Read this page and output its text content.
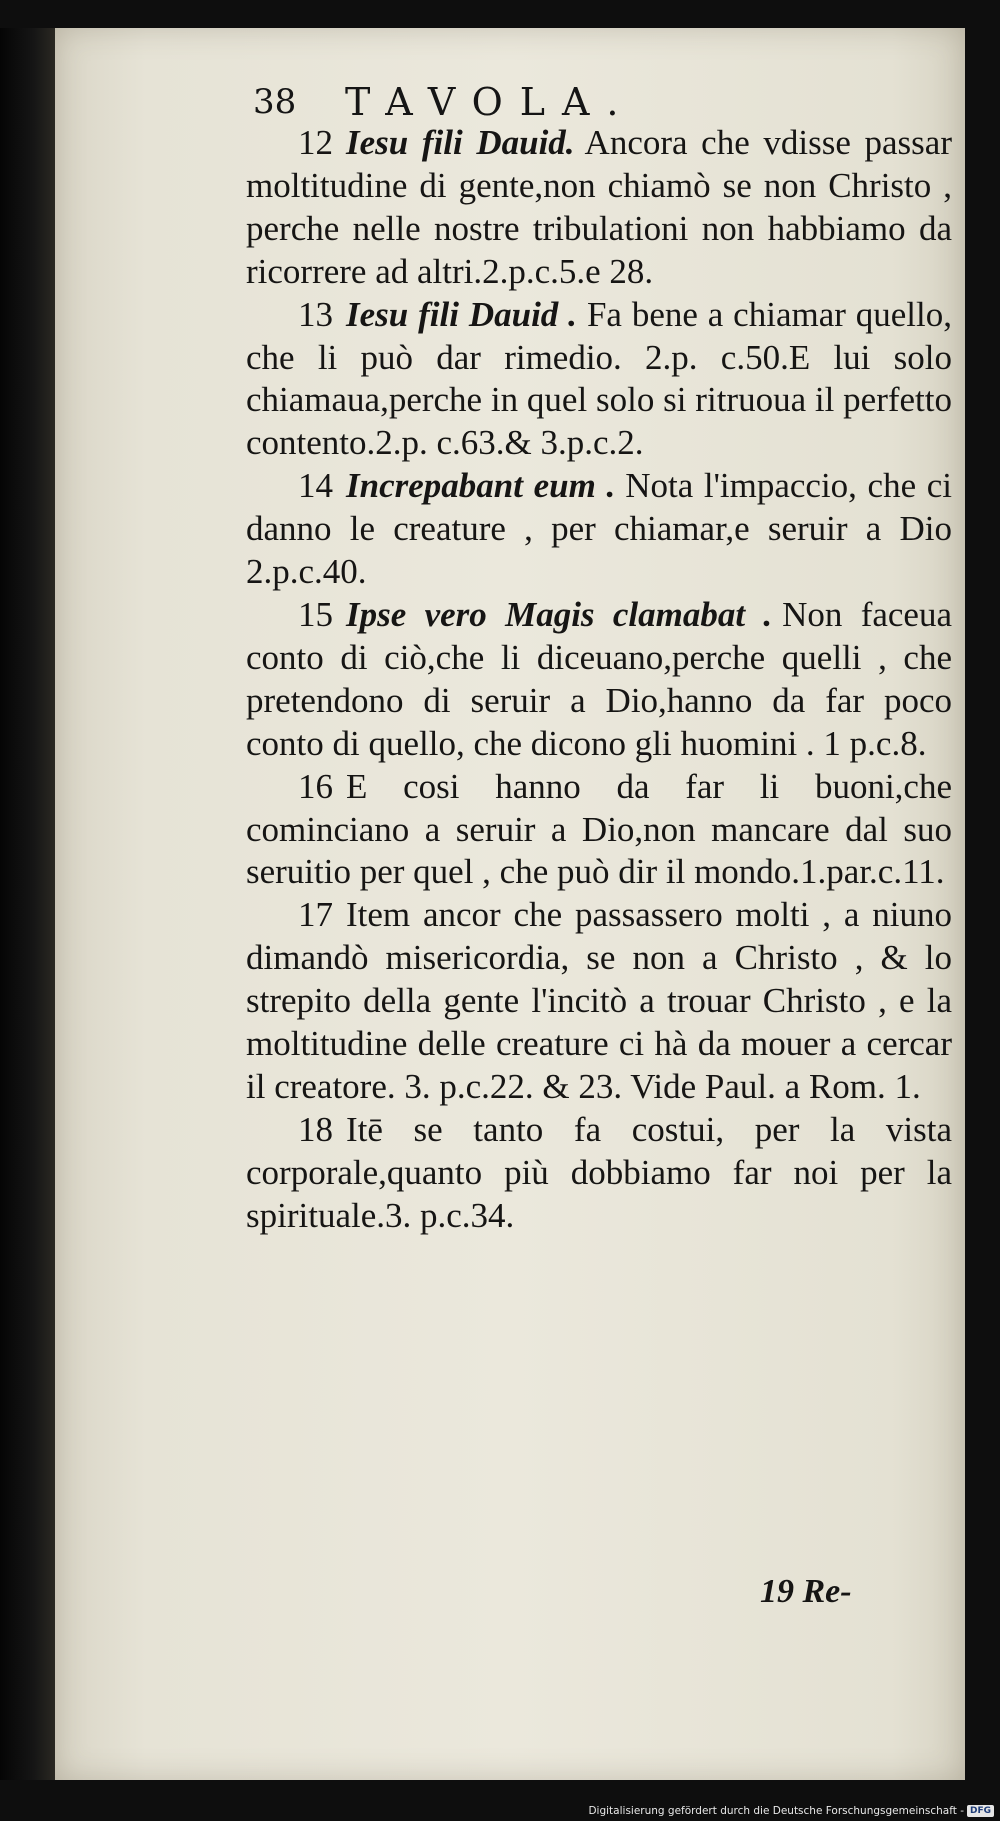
38 TAVOLA.

12 Iesu fili Dauid. Ancora che vdisse passar moltitudine di gente,non chiamò se non Christo , perche nelle nostre tribulationi non habbiamo da ricorrere ad altri.2.p.c.5.e 28.

13 Iesu fili Dauid . Fa bene a chiamar quello, che li può dar rimedio. 2.p. c.50.E lui solo chiamaua,perche in quel solo si ritruoua il perfetto contento.2.p. c.63.& 3.p.c.2.

14 Increpabant eum . Nota l'impaccio, che ci danno le creature , per chiamar,e seruir a Dio 2.p.c.40.

15 Ipse vero Magis clamabat . Non faceua conto di ciò,che li diceuano,perche quelli , che pretendono di seruir a Dio,hanno da far poco conto di quello, che dicono gli huomini . 1 p.c.8.

16 E cosi hanno da far li buoni,che cominciano a seruir a Dio,non mancare dal suo seruitio per quel , che può dir il mondo.1.par.c.11.

17 Item ancor che passassero molti , a niuno dimandò misericordia, se non a Christo , & lo strepito della gente l'incitò a trouar Christo , e la moltitudine delle creature ci hà da mouer a cercar il creatore. 3. p.c.22. & 23. Vide Paul. a Rom. 1.

18 Itē se tanto fa costui, per la vista corporale,quanto più dobbiamo far noi per la spirituale.3. p.c.34.

19 Re-
Digitalisierung gefördert durch die Deutsche Forschungsgemeinschaft - DFG
